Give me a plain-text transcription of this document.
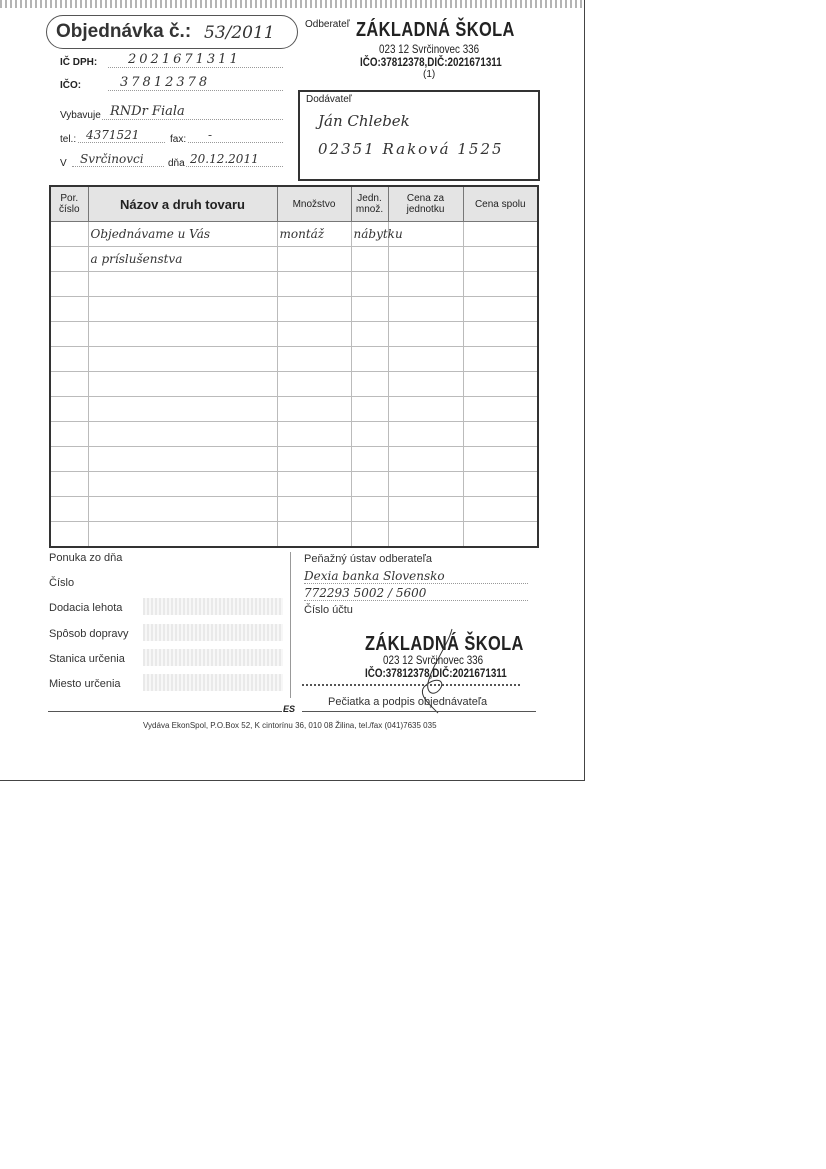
Objednávka č.: 53/2011
IČ DPH:	2021671311
IČO:	37812378
Vybavuje RNDr Fiala
tel.: 4371521	fax:	-
V	Svrčinovci	dňa 20.12.2011
Odberateľ ZÁKLADNÁ ŠKOLA
023 12 Svrčinovec 336
IČO:37812378,DIČ:2021671311
(1)
Dodávateľ
Ján Chlebek
02351 Raková 1525
Por. číslo	Názov a druh tovaru	Množstvo	Jedn. množ.	Cena za jednotku	Cena spolu
	Objednávame u Vás	montáž	nábytku		
	a príslušenstva				

Ponuka zo dňa
Číslo
Dodacia lehota
Spôsob dopravy
Stanica určenia
Miesto určenia
Peňažný ústav odberateľa
Dexia banka Slovensko
772293 5002 / 5600
Číslo účtu
ZÁKLADNÁ ŠKOLA
023 12 Svrčinovec 336
IČO:37812378,DIČ:2021671311
Pečiatka a podpis objednávateľa
ES
Vydáva EkonSpol, P.O.Box 52, K cintorínu 36, 010 08 Žilina, tel./fax (041)7635 035
